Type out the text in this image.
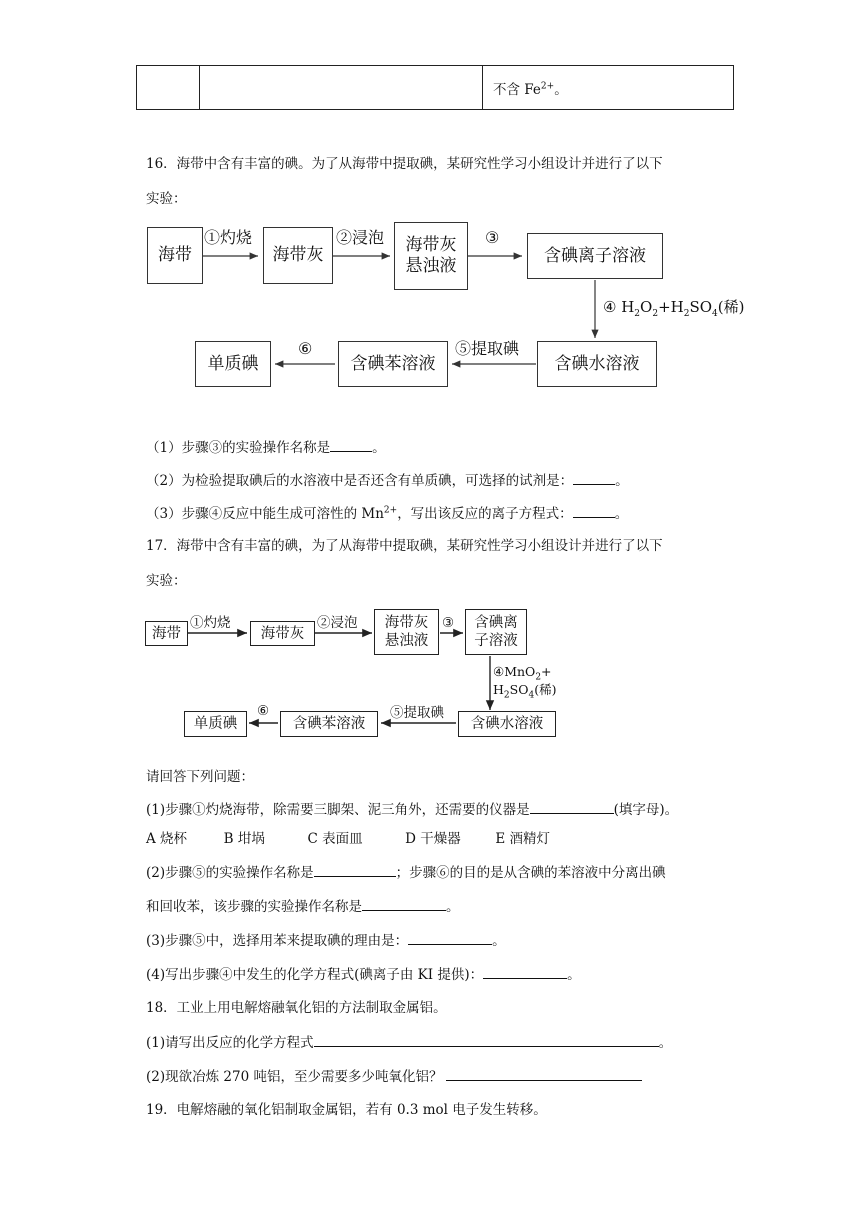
		不含 $Fe^{2+}$。
16．海带中含有丰富的碘。为了从海带中提取碘，某研究性学习小组设计并进行了以下
实验：
海带
①灼烧
海带灰
②浸泡 海带灰
悬浊液
③
含碘离子溶液
④ $H_2O_2+H_2SO_4$(稀)
含碘水溶液
⑤提取碘
含碘苯溶液
⑥
单质碘
（1）步骤③的实验操作名称是	。
（2）为检验提取碘后的水溶液中是否还含有单质碘，可选择的试剂是：	。
（3）步骤④反应中能生成可溶性的 $Mn^{2+}$，写出该反应的离子方程式：	。
17．海带中含有丰富的碘，为了从海带中提取碘，某研究性学习小组设计并进行了以下
实验：
海带
①灼烧
海带灰
②浸泡 海带灰
悬浊液
③ 含碘离
子溶液
④MnO$_2$+
$H_2SO_4$(稀)
含碘水溶液
⑤提取碘
含碘苯溶液
⑥
单质碘
请回答下列问题：
(1)步骤①灼烧海带，除需要三脚架、泥三角外，还需要的仪器是	(填字母)。
A 烧杯	B 坩埚	C 表面皿	D 干燥器	E 酒精灯
(2)步骤⑤的实验操作名称是	；步骤⑥的目的是从含碘的苯溶液中分离出碘
和回收苯，该步骤的实验操作名称是	。
(3)步骤⑤中，选择用苯来提取碘的理由是：	。
(4)写出步骤④中发生的化学方程式(碘离子由 KI 提供)：	。
18．工业上用电解熔融氧化铝的方法制取金属铝。
(1)请写出反应的化学方程式	。
(2)现欲冶炼 270 吨铝，至少需要多少吨氧化铝？
19．电解熔融的氧化铝制取金属铝，若有 0.3 mol 电子发生转移。
